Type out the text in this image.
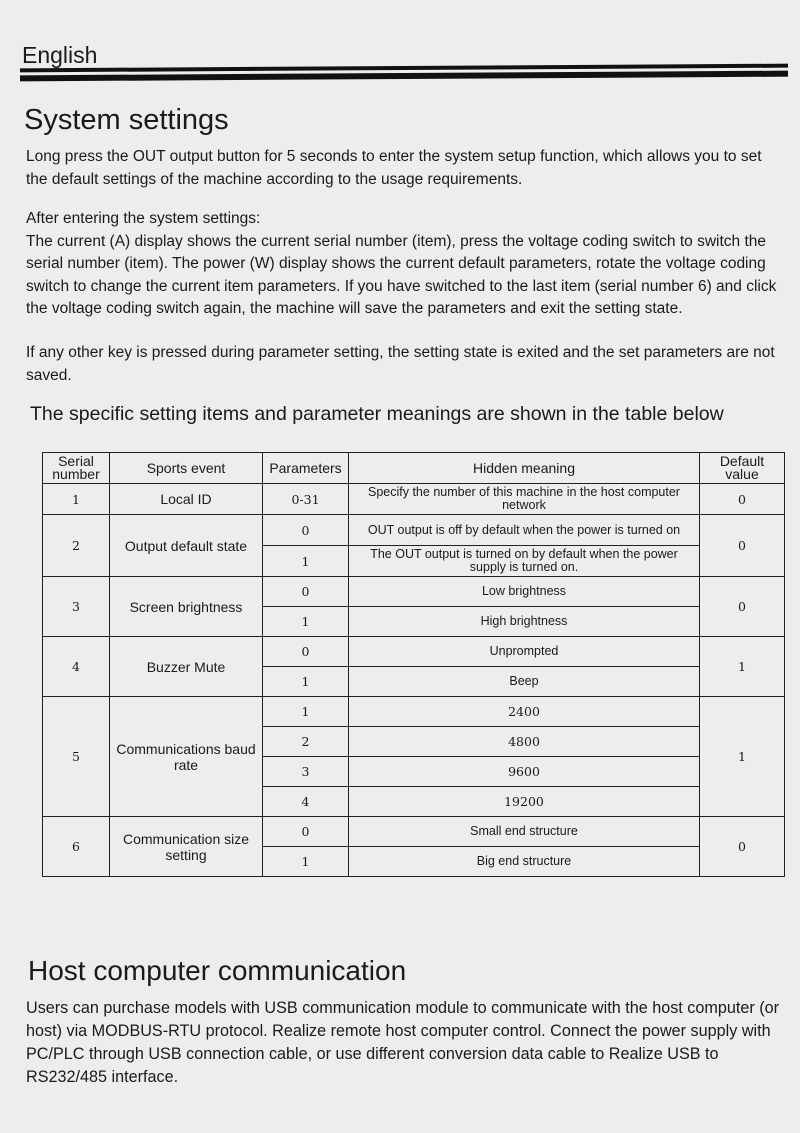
English
System settings

Long press the OUT output button for 5 seconds to enter the system setup function, which allows you to set the default settings of the machine according to the usage requirements.

After entering the system settings:
The current (A) display shows the current serial number (item), press the voltage coding switch to switch the serial number (item). The power (W) display shows the current default parameters, rotate the voltage coding switch to change the current item parameters. If you have switched to the last item (serial number 6) and click the voltage coding switch again, the machine will save the parameters and exit the setting state.

If any other key is pressed during parameter setting, the setting state is exited and the set parameters are not saved.

The specific setting items and parameter meanings are shown in the table below

Serial number	Sports event	Parameters	Hidden meaning	Default value
1	Local ID	0-31	Specify the number of this machine in the host computer network	0
2	Output default state	0	OUT output is off by default when the power is turned on	0
		1	The OUT output is turned on by default when the power supply is turned on.	
3	Screen brightness	0	Low brightness	0
		1	High brightness	
4	Buzzer Mute	0	Unprompted	1
		1	Beep	
5	Communications baud rate	1	2400	1
		2	4800	
		3	9600	
		4	19200	
6	Communication size setting	0	Small end structure	0
		1	Big end structure	
Host computer communication

Users can purchase models with USB communication module to communicate with the host computer (or host) via MODBUS-RTU protocol. Realize remote host computer control. Connect the power supply with PC/PLC through USB connection cable, or use different conversion data cable to Realize USB to RS232/485 interface.
